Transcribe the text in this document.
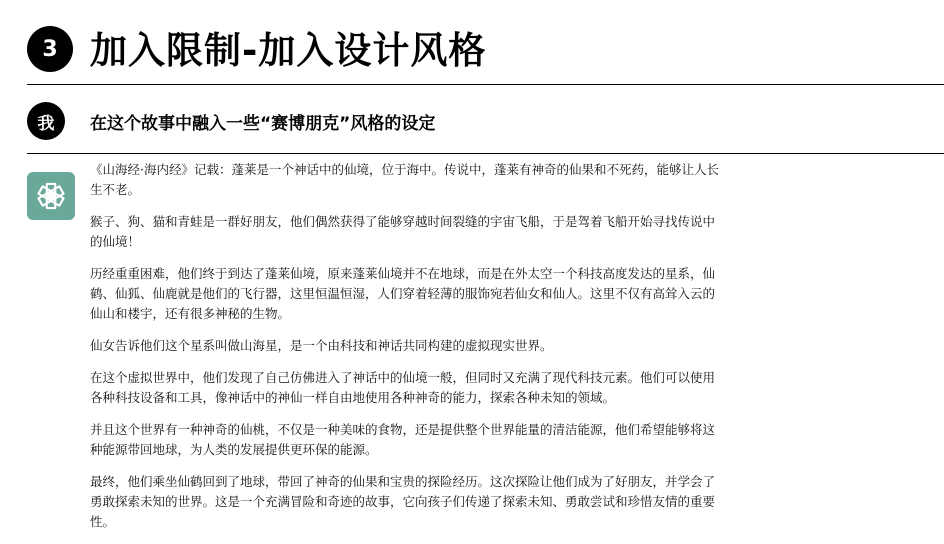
3 加入限制-加入设计风格
我	在这个故事中融入一些“赛博朋克”风格的设定

《山海经·海内经》记载：蓬莱是一个神话中的仙境，位于海中。传说中，蓬莱有神奇的仙果和不死药，能够让人长生不老。

猴子、狗、猫和青蛙是一群好朋友，他们偶然获得了能够穿越时间裂缝的宇宙飞船，于是驾着飞船开始寻找传说中的仙境！

历经重重困难，他们终于到达了蓬莱仙境，原来蓬莱仙境并不在地球，而是在外太空一个科技高度发达的星系，仙鹤、仙狐、仙鹿就是他们的飞行器，这里恒温恒湿，人们穿着轻薄的服饰宛若仙女和仙人。这里不仅有高耸入云的仙山和楼宇，还有很多神秘的生物。

仙女告诉他们这个星系叫做山海星，是一个由科技和神话共同构建的虚拟现实世界。

在这个虚拟世界中，他们发现了自己仿佛进入了神话中的仙境一般，但同时又充满了现代科技元素。他们可以使用各种科技设备和工具，像神话中的神仙一样自由地使用各种神奇的能力，探索各种未知的领域。

并且这个世界有一种神奇的仙桃，不仅是一种美味的食物，还是提供整个世界能量的清洁能源，他们希望能够将这种能源带回地球，为人类的发展提供更环保的能源。

最终，他们乘坐仙鹤回到了地球，带回了神奇的仙果和宝贵的探险经历。这次探险让他们成为了好朋友，并学会了勇敢探索未知的世界。这是一个充满冒险和奇迹的故事，它向孩子们传递了探索未知、勇敢尝试和珍惜友情的重要性。
